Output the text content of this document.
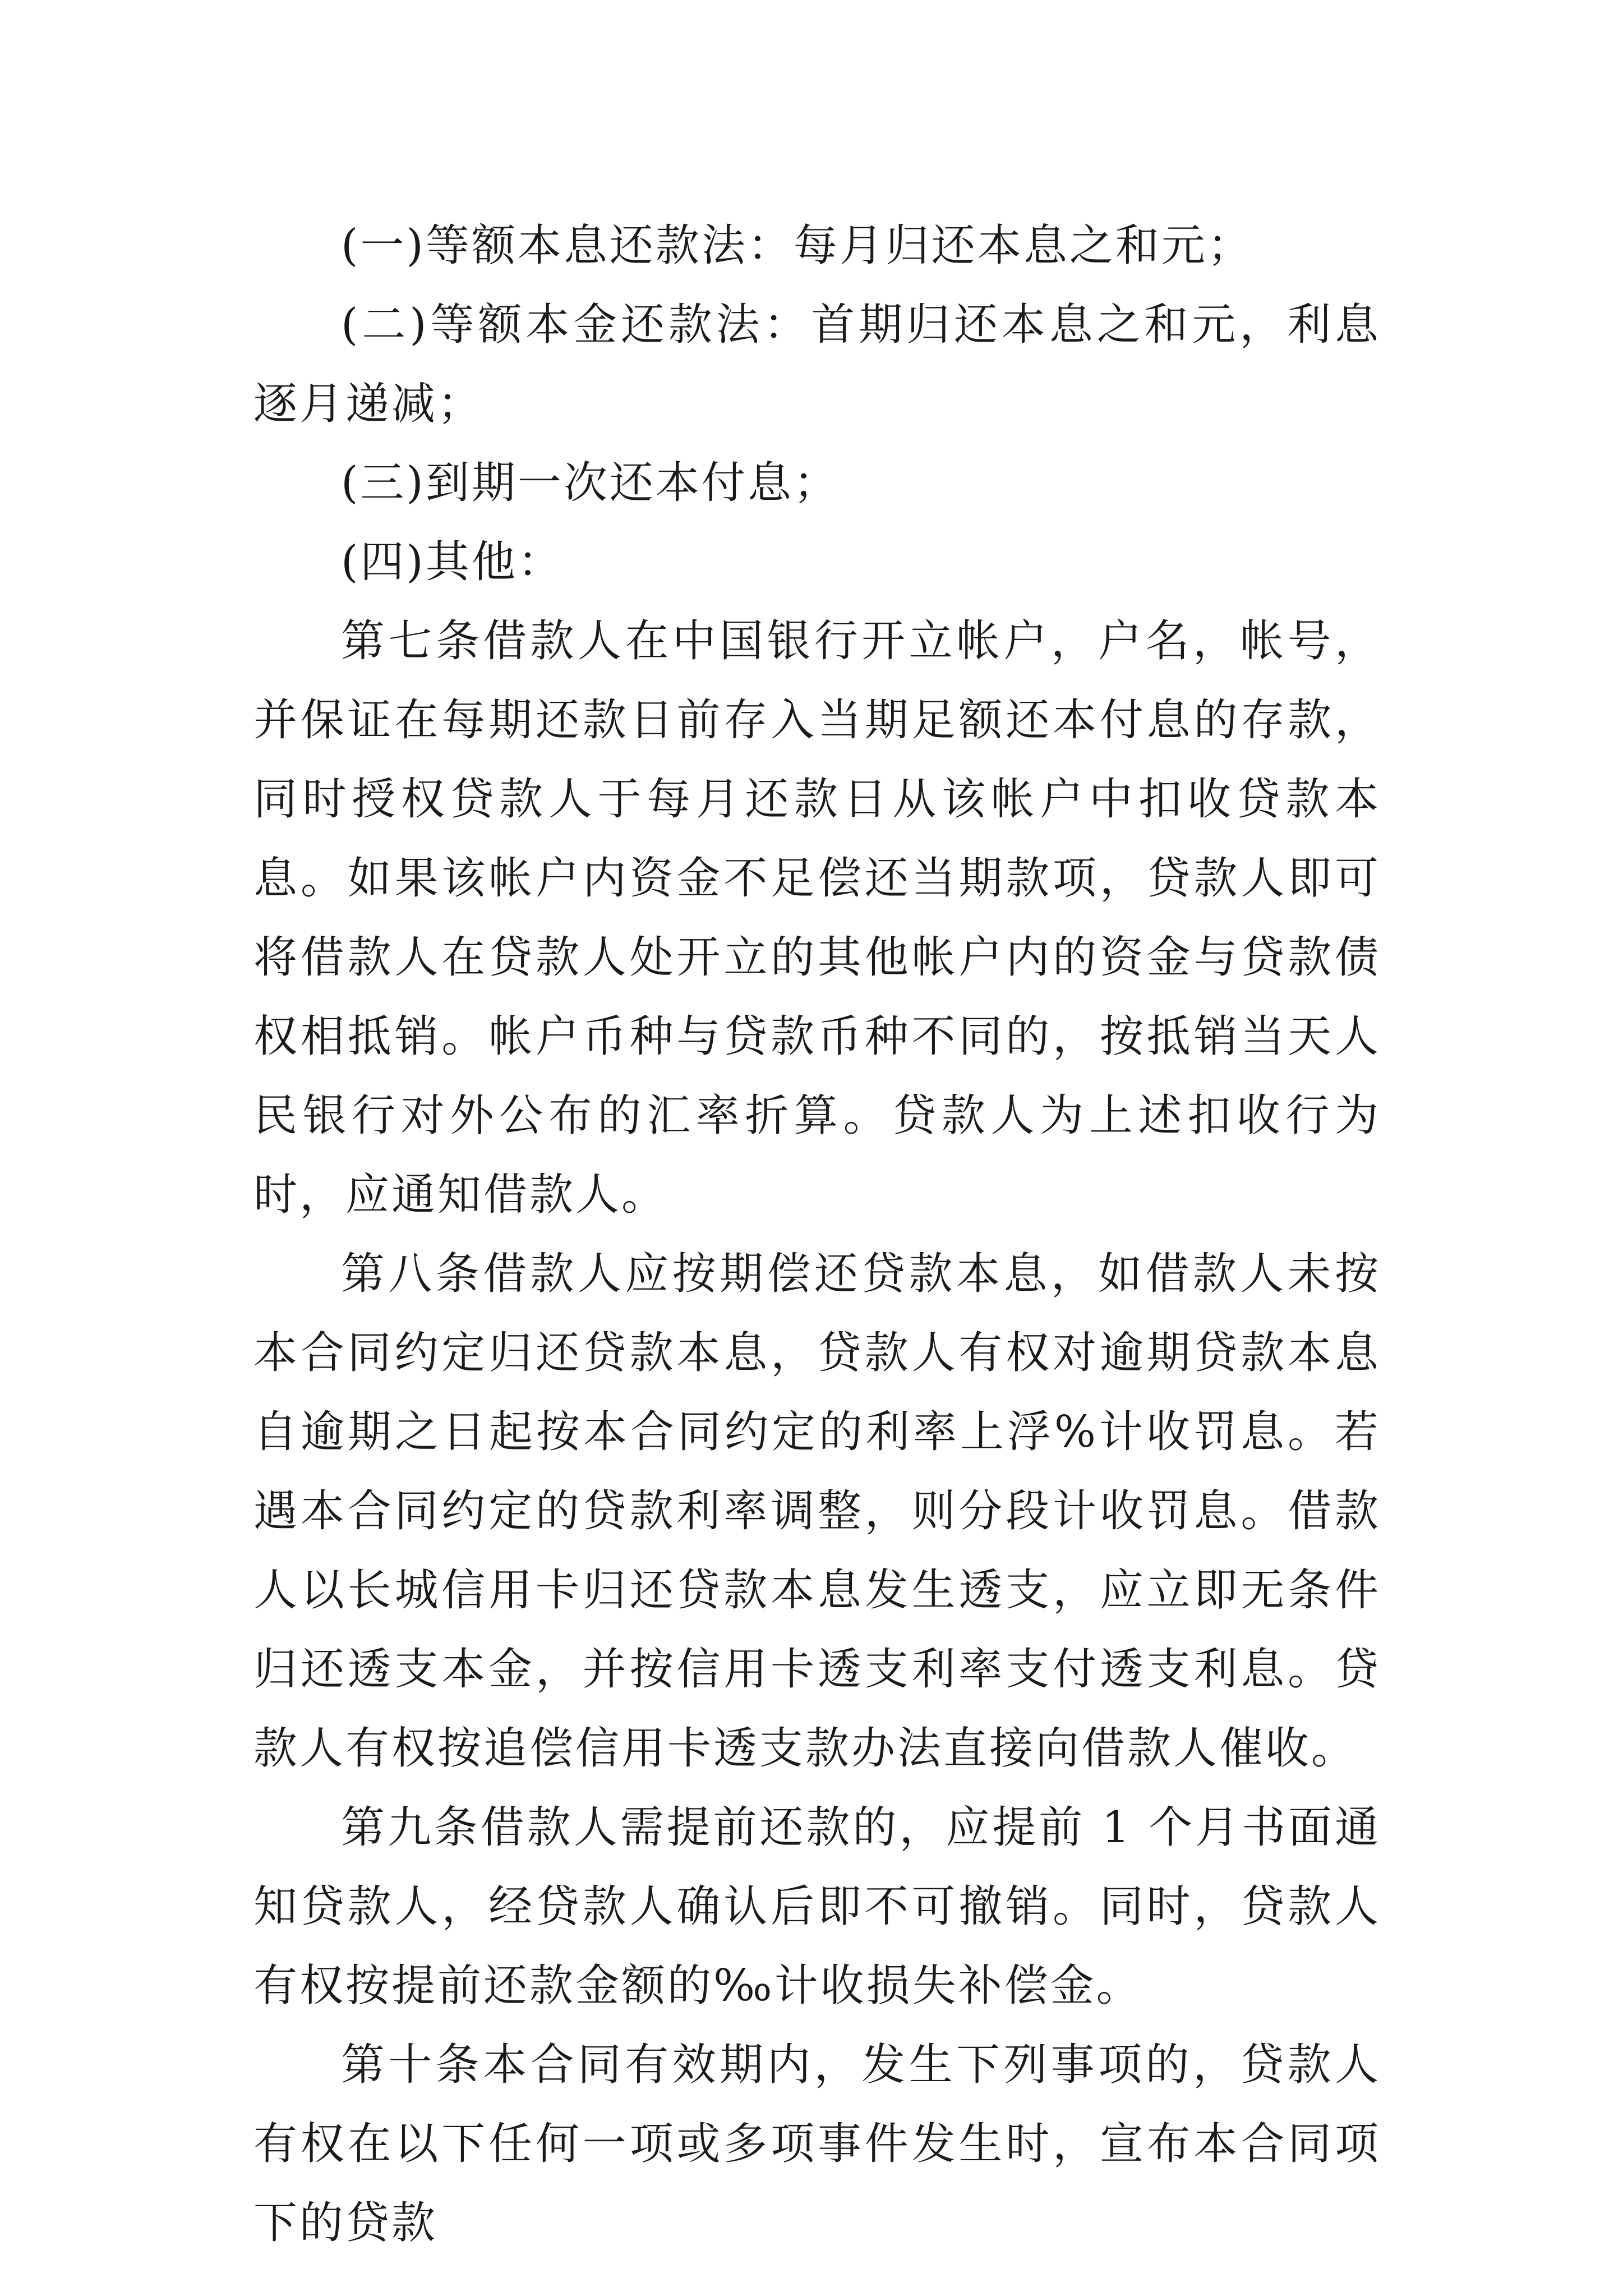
(一)等额本息还款法：每月归还本息之和元；

(二)等额本金还款法：首期归还本息之和元，利息逐月递减；

(三)到期一次还本付息；

(四)其他：

第七条借款人在中国银行开立帐户，户名，帐号，并保证在每期还款日前存入当期足额还本付息的存款，同时授权贷款人于每月还款日从该帐户中扣收贷款本息。如果该帐户内资金不足偿还当期款项，贷款人即可将借款人在贷款人处开立的其他帐户内的资金与贷款债权相抵销。帐户币种与贷款币种不同的，按抵销当天人民银行对外公布的汇率折算。贷款人为上述扣收行为时，应通知借款人。

第八条借款人应按期偿还贷款本息，如借款人未按本合同约定归还贷款本息，贷款人有权对逾期贷款本息自逾期之日起按本合同约定的利率上浮%计收罚息。若遇本合同约定的贷款利率调整，则分段计收罚息。借款人以长城信用卡归还贷款本息发生透支，应立即无条件归还透支本金，并按信用卡透支利率支付透支利息。贷款人有权按追偿信用卡透支款办法直接向借款人催收。

第九条借款人需提前还款的，应提前 1 个月书面通知贷款人，经贷款人确认后即不可撤销。同时，贷款人有权按提前还款金额的‰计收损失补偿金。

第十条本合同有效期内，发生下列事项的，贷款人有权在以下任何一项或多项事件发生时，宣布本合同项下的贷款
